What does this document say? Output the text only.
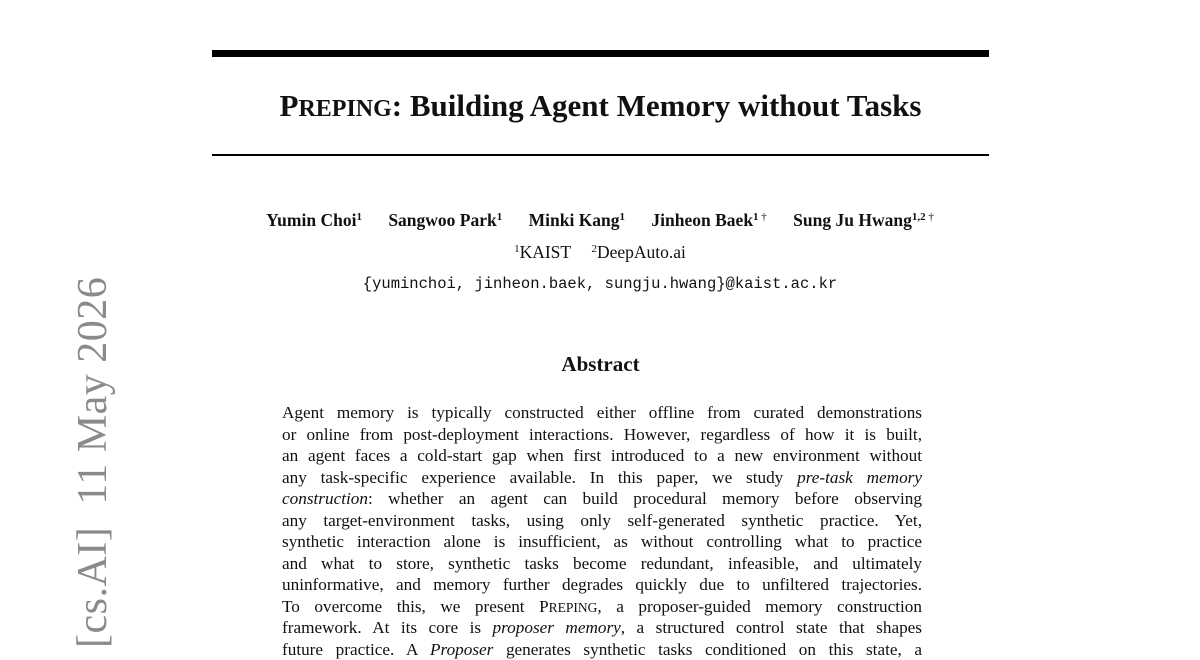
PREPING: Building Agent Memory without Tasks
Yumin Choi$^1$ Sangwoo Park$^1$ Minki Kang$^1$ Jinheon Baek$^{1 \dagger}$ Sung Ju Hwang$^{1,2 \dagger}$
$^1$KAIST $^2$DeepAuto.ai
{yuminchoi, jinheon.baek, sungju.hwang}@kaist.ac.kr
Abstract
Agent memory is typically constructed either offline from curated demonstrations
or online from post-deployment interactions. However, regardless of how it is built,
an agent faces a cold-start gap when first introduced to a new environment without
any task-specific experience available. In this paper, we study pre-task memory
construction: whether an agent can build procedural memory before observing
any target-environment tasks, using only self-generated synthetic practice. Yet,
synthetic interaction alone is insufficient, as without controlling what to practice
and what to store, synthetic tasks become redundant, infeasible, and ultimately
uninformative, and memory further degrades quickly due to unfiltered trajectories.
To overcome this, we present PREPING, a proposer-guided memory construction
framework. At its core is proposer memory, a structured control state that shapes
future practice. A Proposer generates synthetic tasks conditioned on this state, a
[cs.AI]  11 May 2026
